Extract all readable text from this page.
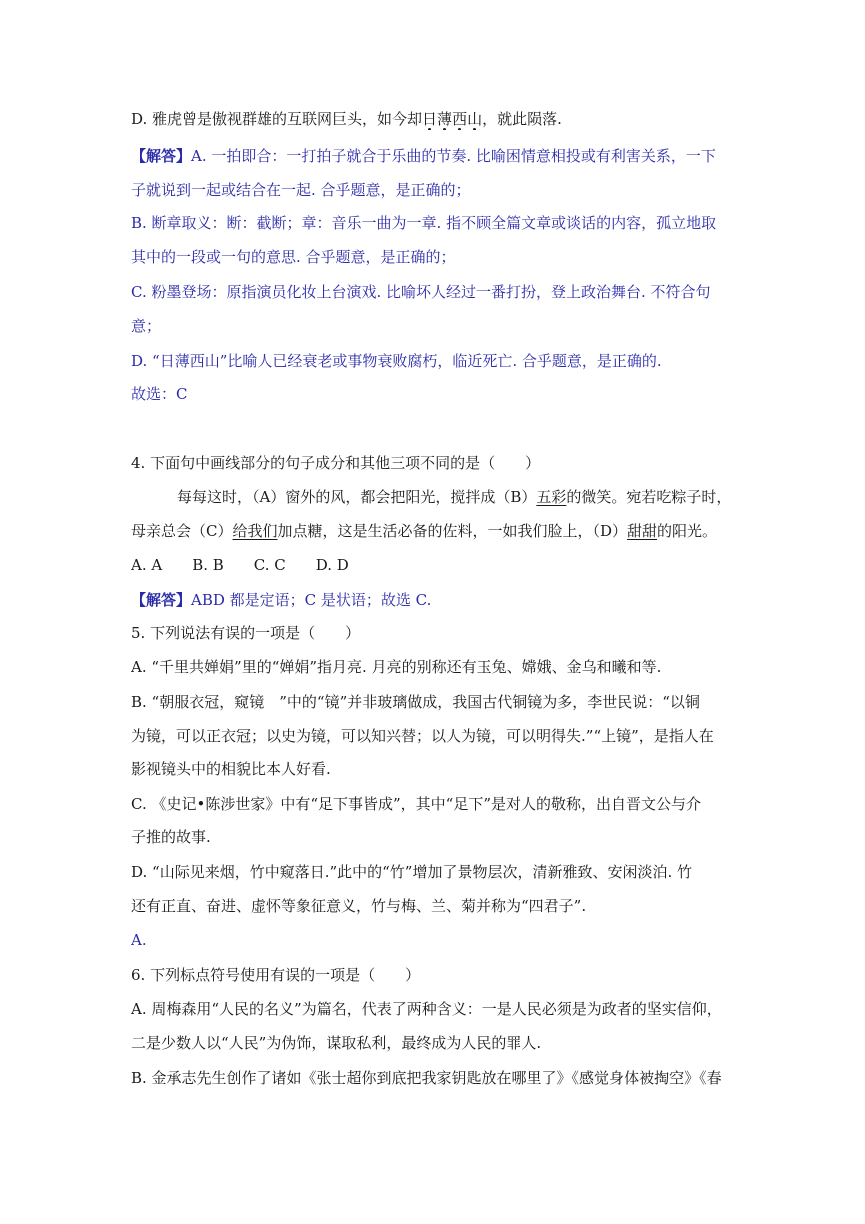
D. 雅虎曾是傲视群雄的互联网巨头，如今却日薄西山，就此陨落.
【解答】A. 一拍即合：一打拍子就合于乐曲的节奏. 比喻困情意相投或有利害关系，一下
子就说到一起或结合在一起. 合乎题意，是正确的；
B. 断章取义：断：截断；章：音乐一曲为一章. 指不顾全篇文章或谈话的内容，孤立地取
其中的一段或一句的意思. 合乎题意，是正确的；
C. 粉墨登场：原指演员化妆上台演戏. 比喻坏人经过一番打扮，登上政治舞台. 不符合句
意；
D. “日薄西山”比喻人已经衰老或事物衰败腐朽，临近死亡. 合乎题意，是正确的.
故选：C
4. 下面句中画线部分的句子成分和其他三项不同的是（　　）
每每这时，（A）窗外的风，都会把阳光，搅拌成（B）五彩的微笑。宛若吃粽子时，
母亲总会（C）给我们加点糖，这是生活必备的佐料，一如我们脸上，（D）甜甜的阳光。
A. A　　B. B　　C. C　　D. D
【解答】ABD 都是定语；C 是状语；故选 C.
5. 下列说法有误的一项是（　　）
A. “千里共婵娟”里的“婵娟”指月亮. 月亮的别称还有玉兔、嫦娥、金乌和曦和等.
B. “朝服衣冠，窥镜　”中的“镜”并非玻璃做成，我国古代铜镜为多，李世民说：“以铜
为镜，可以正衣冠；以史为镜，可以知兴替；以人为镜，可以明得失.”“上镜”，是指人在
影视镜头中的相貌比本人好看.
C. 《史记•陈涉世家》中有“足下事皆成”，其中“足下”是对人的敬称，出自晋文公与介
子推的故事.
D. “山际见来烟，竹中窥落日.”此中的“竹”增加了景物层次，清新雅致、安闲淡泊. 竹
还有正直、奋进、虚怀等象征意义，竹与梅、兰、菊并称为“四君子”.
A.
6. 下列标点符号使用有误的一项是（　　）
A. 周梅森用“人民的名义”为篇名，代表了两种含义：一是人民必须是为政者的坚实信仰，
二是少数人以“人民”为伪饰，谋取私利，最终成为人民的罪人.
B. 金承志先生创作了诸如《张士超你到底把我家钥匙放在哪里了》《感觉身体被掏空》《春
